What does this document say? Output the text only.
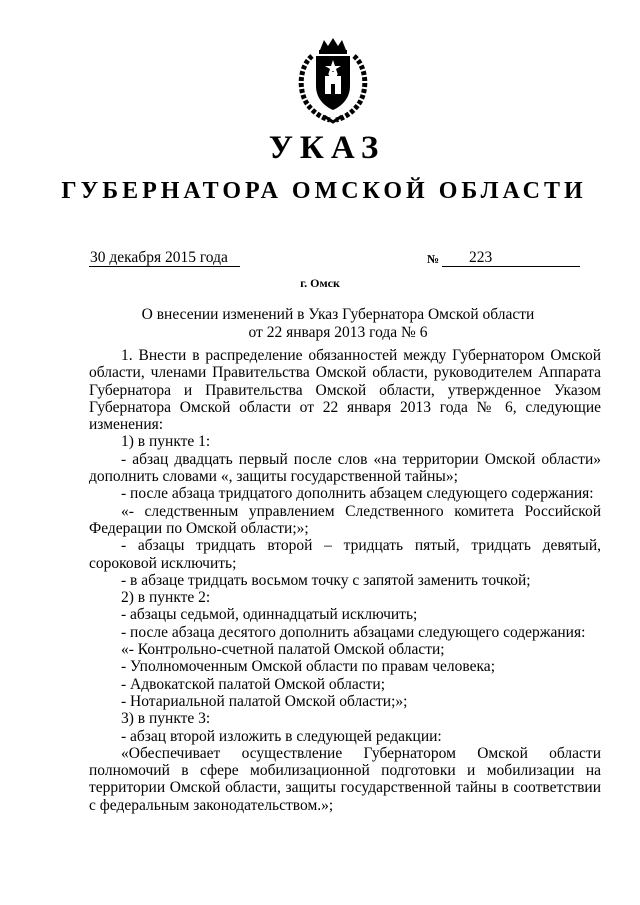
УКАЗ
ГУБЕРНАТОРА ОМСКОЙ ОБЛАСТИ
30 декабря 2015 года	№	223
г. Омск
О внесении изменений в Указ Губернатора Омской области
от 22 января 2013 года № 6

1. Внести в распределение обязанностей между Губернатором Омской области, членами Правительства Омской области, руководителем Аппарата Губернатора и Правительства Омской области, утвержденное Указом Губернатора Омской области от 22 января 2013 года № 6, следующие изменения:

1) в пункте 1:

- абзац двадцать первый после слов «на территории Омской области» дополнить словами «, защиты государственной тайны»;

- после абзаца тридцатого дополнить абзацем следующего содержания:

«- следственным управлением Следственного комитета Российской Федерации по Омской области;»;

- абзацы тридцать второй – тридцать пятый, тридцать девятый, сороковой исключить;

- в абзаце тридцать восьмом точку с запятой заменить точкой;

2) в пункте 2:

- абзацы седьмой, одиннадцатый исключить;

- после абзаца десятого дополнить абзацами следующего содержания:

«- Контрольно-счетной палатой Омской области;

- Уполномоченным Омской области по правам человека;

- Адвокатской палатой Омской области;

- Нотариальной палатой Омской области;»;

3) в пункте 3:

- абзац второй изложить в следующей редакции:

«Обеспечивает осуществление Губернатором Омской области полномочий в сфере мобилизационной подготовки и мобилизации на территории Омской области, защиты государственной тайны в соответствии с федеральным законодательством.»;
